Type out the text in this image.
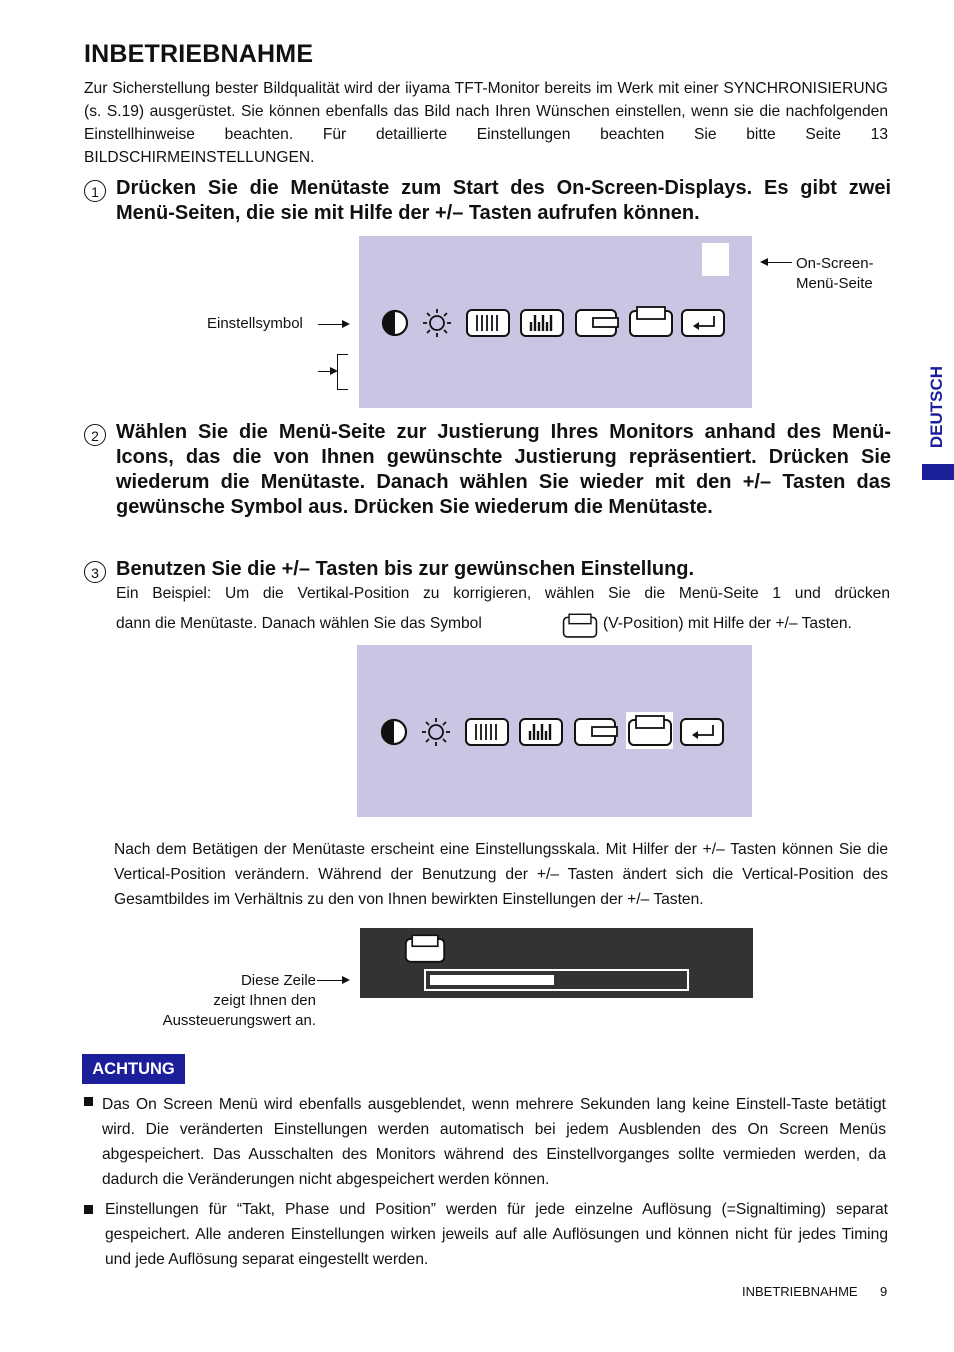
INBETRIEBNAHME
Zur Sicherstellung bester Bildqualität wird der iiyama TFT-Monitor bereits im Werk mit einer SYNCHRONISIERUNG (s. S.19) ausgerüstet. Sie können ebenfalls das Bild nach Ihren Wünschen einstellen, wenn sie die nachfolgenden Einstellhinweise beachten. Für detaillierte Einstellungen beachten Sie bitte Seite 13 BILDSCHIRMEINSTELLUNGEN.
1 Drücken Sie die Menütaste zum Start des On-Screen-Displays. Es gibt zwei Menü-Seiten, die sie mit Hilfe der +/– Tasten aufrufen können.
Einstellsymbol
On-Screen-
Menü-Seite
DEUTSCH
2 Wählen Sie die Menü-Seite zur Justierung Ihres Monitors anhand des Menü-Icons, das die von Ihnen gewünschte Justierung repräsentiert. Drücken Sie wiederum die Menütaste. Danach wählen Sie wieder mit den +/– Tasten das gewünsche Symbol aus. Drücken Sie wiederum die Menütaste.
3 Benutzen Sie die +/– Tasten bis zur gewünschen Einstellung.
Ein Beispiel: Um die Vertikal-Position zu korrigieren, wählen Sie die Menü-Seite 1 und drücken
dann die Menütaste. Danach wählen Sie das Symbol	(V-Position) mit Hilfe der +/– Tasten.
Nach dem Betätigen der Menütaste erscheint eine Einstellungsskala. Mit Hilfer der +/– Tasten können Sie die Vertical-Position verändern. Während der Benutzung der +/– Tasten ändert sich die Vertical-Position des Gesamtbildes im Verhältnis zu den von Ihnen bewirkten Einstellungen der +/– Tasten.
Diese Zeile
zeigt Ihnen den
Aussteuerungswert an.
ACHTUNG
Das On Screen Menü wird ebenfalls ausgeblendet, wenn mehrere Sekunden lang keine Einstell-Taste betätigt wird. Die veränderten Einstellungen werden automatisch bei jedem Ausblenden des On Screen Menüs abgespeichert. Das Ausschalten des Monitors während des Einstellvorganges sollte vermieden werden, da dadurch die Veränderungen nicht abgespeichert werden können.
Einstellungen für “Takt, Phase und Position” werden für jede einzelne Auflösung (=Signaltiming) separat gespeichert. Alle anderen Einstellungen wirken jeweils auf alle Auflösungen und können nicht für jedes Timing und jede Auflösung separat eingestellt werden.
INBETRIEBNAHME 9
